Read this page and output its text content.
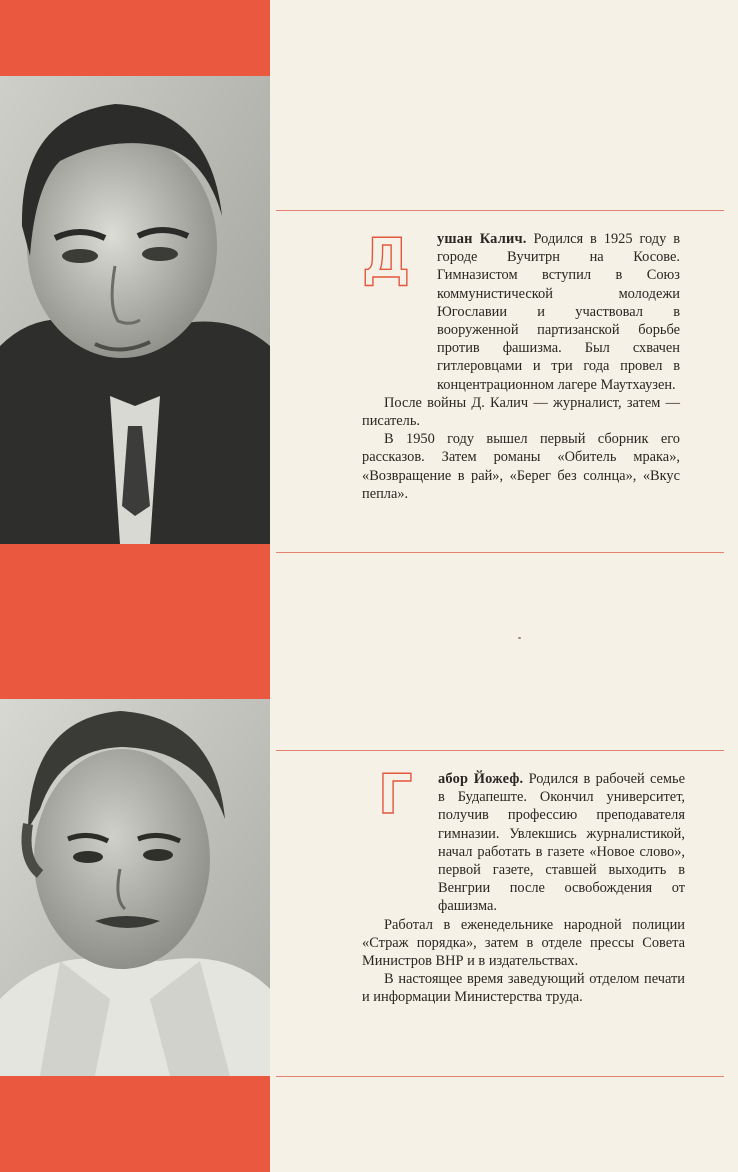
Д	ушан Калич. Родился в 1925 году в городе Вучитрн на Косове. Гимназистом вступил в Союз коммунистической молодежи Югославии и участвовал в вооруженной партизанской борьбе против фашизма. Был схвачен гитлеровцами и три года провел в концентрационном лагере Маутхаузен.

После войны Д. Калич — журналист, затем — писатель.

В 1950 году вышел первый сборник его рассказов. Затем романы «Обитель мрака», «Возвращение в рай», «Берег без солнца», «Вкус пепла».

Г	абор Йожеф. Родился в рабочей семье в Будапеште. Окончил университет, получив профессию преподавателя гимназии. Увлекшись журналистикой, начал работать в газете «Новое слово», первой газете, ставшей выходить в Венгрии после освобождения от фашизма.

Работал в еженедельнике народной полиции «Страж порядка», затем в отделе прессы Совета Министров ВНР и в издательствах.

В настоящее время заведующий отделом печати и информации Министерства труда.
